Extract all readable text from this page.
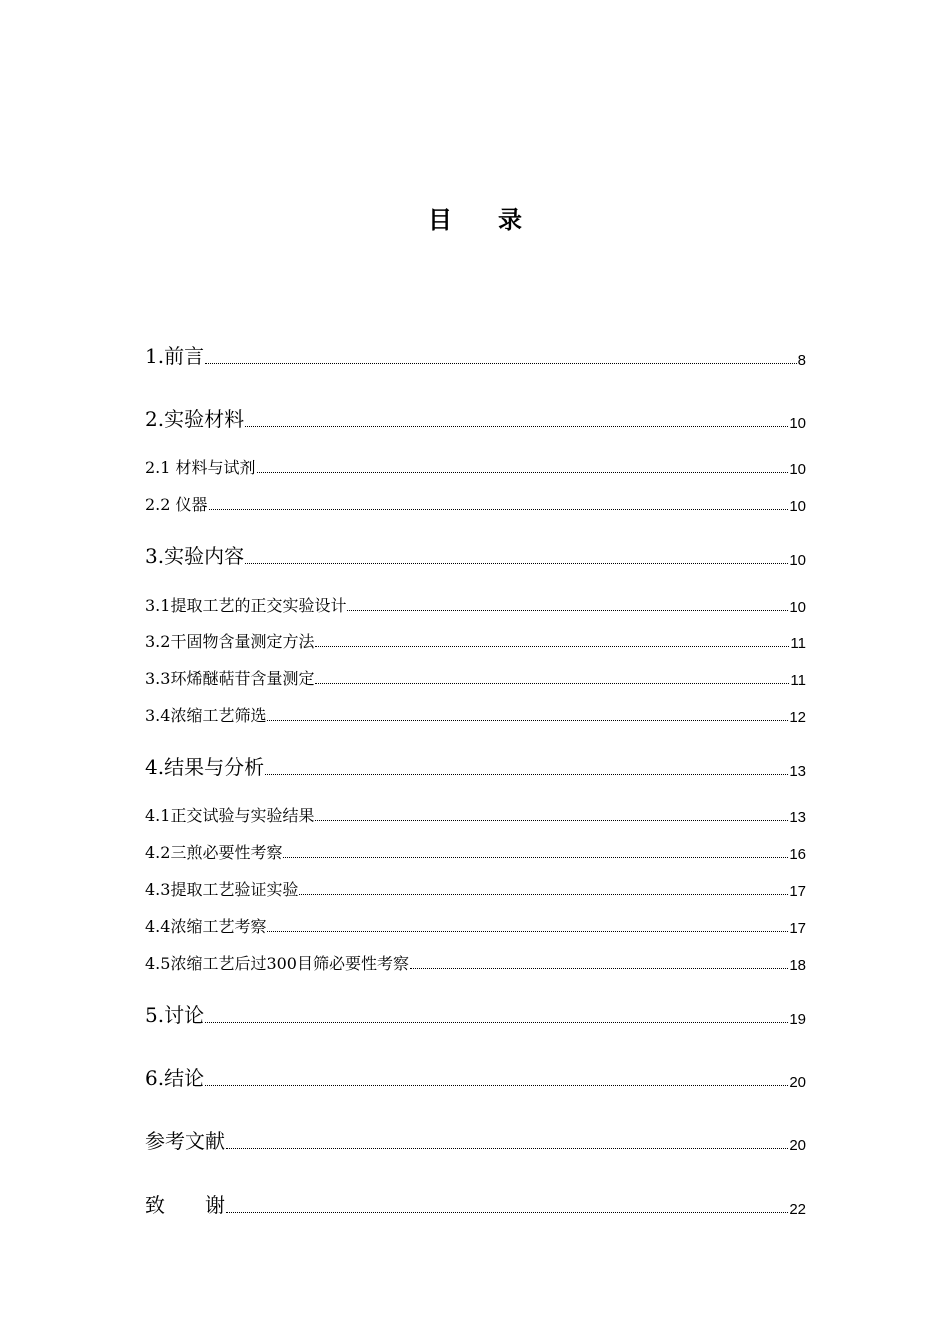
目 录
1.前言	8
2.实验材料	10
2.1 材料与试剂	10
2.2 仪器	10
3.实验内容	10
3.1提取工艺的正交实验设计	10
3.2干固物含量测定方法	11
3.3环烯醚萜苷含量测定	11
3.4浓缩工艺筛选	12
4.结果与分析	13
4.1正交试验与实验结果	13
4.2三煎必要性考察	16
4.3提取工艺验证实验	17
4.4浓缩工艺考察	17
4.5浓缩工艺后过300目筛必要性考察	18
5.讨论	19
6.结论	20
参考文献	20
致 谢	22
